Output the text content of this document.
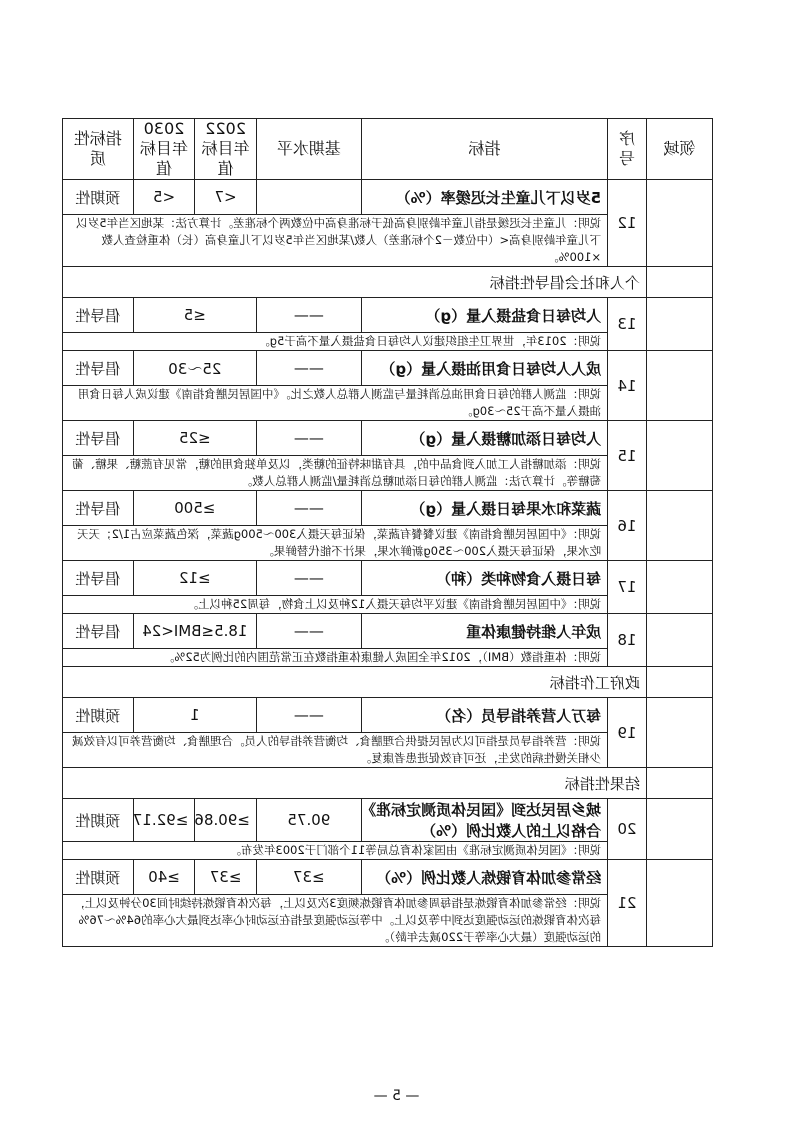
领域	序号	指标	基期水平	2022年目标值	2030年目标值	指标性质
	12	5岁以下儿童生长迟缓率（%）		<7	<5	预期性
		说明：儿童生长迟缓是指儿童年龄别身高低于标准身高中位数两个标准差。计算方法：某地区当年5岁以下儿童年龄别身高<（中位数－2个标准差）人数/某地区当年5岁以下儿童身高（长）体重检查人数×100%。				
	个人和社会倡导性指标					
	13	人均每日食盐摄入量（g）	——	≤5		倡导性
		说明：2013年，世界卫生组织建议人均每日食盐摄入量不高于5g。				
	14	成人人均每日食用油摄入量（g）	——	25～30		倡导性
		说明：监测人群的每日食用油总消耗量与监测人群总人数之比。《中国居民膳食指南》建议成人每日食用油摄入量不高于25～30g。				
	15	人均每日添加糖摄入量（g）	——	≤25		倡导性
		说明：添加糖指人工加入到食品中的，具有甜味特征的糖类，以及单独食用的糖，常见有蔗糖、果糖、葡萄糖等。计算方法：监测人群的每日添加糖总消耗量/监测人群总人数。				
	16	蔬菜和水果每日摄入量（g）	——	≥500		倡导性
		说明：《中国居民膳食指南》建议餐餐有蔬菜，保证每天摄入300～500g蔬菜，深色蔬菜应占1/2；天天吃水果，保证每天摄入200～350g新鲜水果，果汁不能代替鲜果。				
	17	每日摄入食物种类（种）	——	≥12		倡导性
		说明：《中国居民膳食指南》建议平均每天摄入12种及以上食物，每周25种以上。				
	18	成年人维持健康体重	——	18.5≤BMI<24		倡导性
		说明：体重指数（BMI），2012年全国成人健康体重指数在正常范围内的比例为52%。				
	政府工作指标					
	19	每万人营养指导员（名）	——	1		预期性
		说明：营养指导员是指可以为居民提供合理膳食、均衡营养指导的人员。合理膳食、均衡营养可以有效减少相关慢性病的发生，还可有效促进患者康复。				
	结果性指标					
	20	城乡居民达到《国民体质测定标准》合格以上的人数比例（%）	90.75	≥90.86	≥92.17	预期性
		说明：《国民体质测定标准》由国家体育总局等11个部门于2003年发布。				
	21	经常参加体育锻炼人数比例（%）	≥37	≥37	≥40	预期性
		说明：经常参加体育锻炼是指每周参加体育锻炼频度3次及以上，每次体育锻炼持续时间30分钟及以上，每次体育锻炼的运动强度达到中等及以上。中等运动强度是指在运动时心率达到最大心率的64%～76%的运动强度（最大心率等于220减去年龄）。				
— 5 —
